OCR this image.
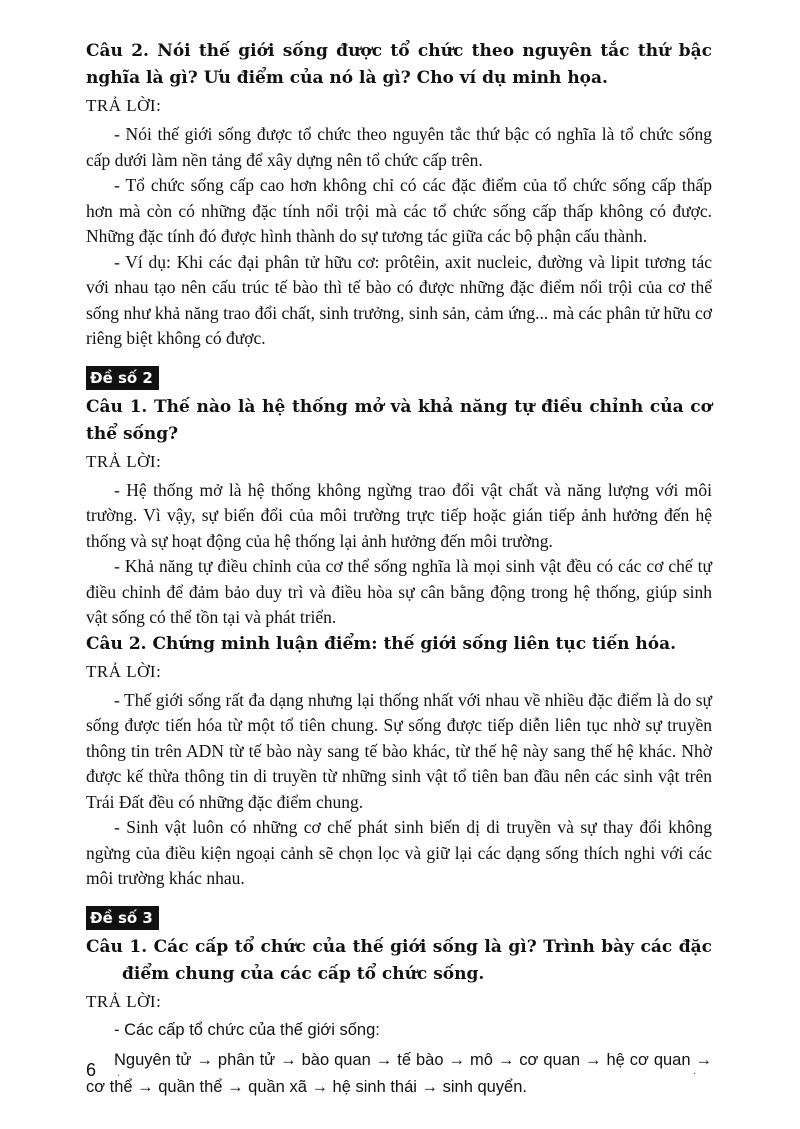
Câu 2. Nói thế giới sống được tổ chức theo nguyên tắc thứ bậc nghĩa là gì? Ưu điểm của nó là gì? Cho ví dụ minh họa.

TRẢ LỜI:

- Nói thế giới sống được tổ chức theo nguyên tắc thứ bậc có nghĩa là tổ chức sống cấp dưới làm nền tảng để xây dựng nên tổ chức cấp trên.

- Tổ chức sống cấp cao hơn không chỉ có các đặc điểm của tổ chức sống cấp thấp hơn mà còn có những đặc tính nổi trội mà các tổ chức sống cấp thấp không có được. Những đặc tính đó được hình thành do sự tương tác giữa các bộ phận cấu thành.

- Ví dụ: Khi các đại phân tử hữu cơ: prôtêin, axit nucleic, đường và lipit tương tác với nhau tạo nên cấu trúc tế bào thì tế bào có được những đặc điểm nổi trội của cơ thể sống như khả năng trao đổi chất, sinh trưởng, sinh sản, cảm ứng... mà các phân tử hữu cơ riêng biệt không có được.

Đề số 2

Câu 1. Thế nào là hệ thống mở và khả năng tự điều chỉnh của cơ thể sống?

TRẢ LỜI:

- Hệ thống mở là hệ thống không ngừng trao đổi vật chất và năng lượng với môi trường. Vì vậy, sự biến đổi của môi trường trực tiếp hoặc gián tiếp ảnh hưởng đến hệ thống và sự hoạt động của hệ thống lại ảnh hưởng đến môi trường.

- Khả năng tự điều chỉnh của cơ thể sống nghĩa là mọi sinh vật đều có các cơ chế tự điều chỉnh để đảm bảo duy trì và điều hòa sự cân bằng động trong hệ thống, giúp sinh vật sống có thể tồn tại và phát triển.

Câu 2. Chứng minh luận điểm: thế giới sống liên tục tiến hóa.

TRẢ LỜI:

- Thế giới sống rất đa dạng nhưng lại thống nhất với nhau về nhiều đặc điểm là do sự sống được tiến hóa từ một tổ tiên chung. Sự sống được tiếp diễn liên tục nhờ sự truyền thông tin trên ADN từ tế bào này sang tế bào khác, từ thế hệ này sang thế hệ khác. Nhờ được kế thừa thông tin di truyền từ những sinh vật tổ tiên ban đầu nên các sinh vật trên Trái Đất đều có những đặc điểm chung.

- Sinh vật luôn có những cơ chế phát sinh biến dị di truyền và sự thay đổi không ngừng của điều kiện ngoại cảnh sẽ chọn lọc và giữ lại các dạng sống thích nghi với các môi trường khác nhau.

Đề số 3

Câu 1. Các cấp tổ chức của thế giới sống là gì? Trình bày các đặc điểm chung của các cấp tổ chức sống.

TRẢ LỜI:

- Các cấp tổ chức của thế giới sống:

Nguyên tử → phân tử → bào quan → tế bào → mô → cơ quan → hệ cơ quan → cơ thể → quần thể → quần xã → hệ sinh thái → sinh quyển.

6 .	.
